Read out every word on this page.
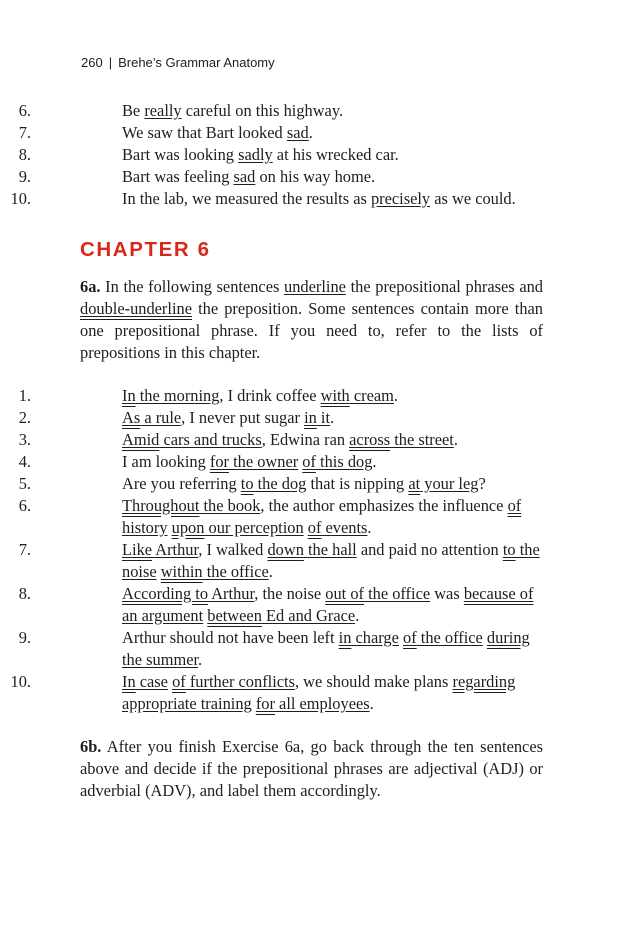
260 | Brehe’s Grammar Anatomy
6.	Be really careful on this highway.
7.	We saw that Bart looked sad.
8.	Bart was looking sadly at his wrecked car.
9.	Bart was feeling sad on his way home.
10.	In the lab, we measured the results as precisely as we could.
CHAPTER 6

6a. In the following sentences underline the prepositional phrases and double-underline the preposition. Some sentences contain more than one prepositional phrase. If you need to, refer to the lists of prepositions in this chapter.

1.	In the morning, I drink coffee with cream.
2.	As a rule, I never put sugar in it.
3.	Amid cars and trucks, Edwina ran across the street.
4.	I am looking for the owner of this dog.
5.	Are you referring to the dog that is nipping at your leg?
6.	Throughout the book, the author emphasizes the influence of history upon our perception of events.
7.	Like Arthur, I walked down the hall and paid no attention to the noise within the office.
8.	According to Arthur, the noise out of the office was because of an argument between Ed and Grace.
9.	Arthur should not have been left in charge of the office during the summer.
10.	In case of further conflicts, we should make plans regarding appropriate training for all employees.

6b. After you finish Exercise 6a, go back through the ten sentences above and decide if the prepositional phrases are adjectival (ADJ) or adverbial (ADV), and label them accordingly.
